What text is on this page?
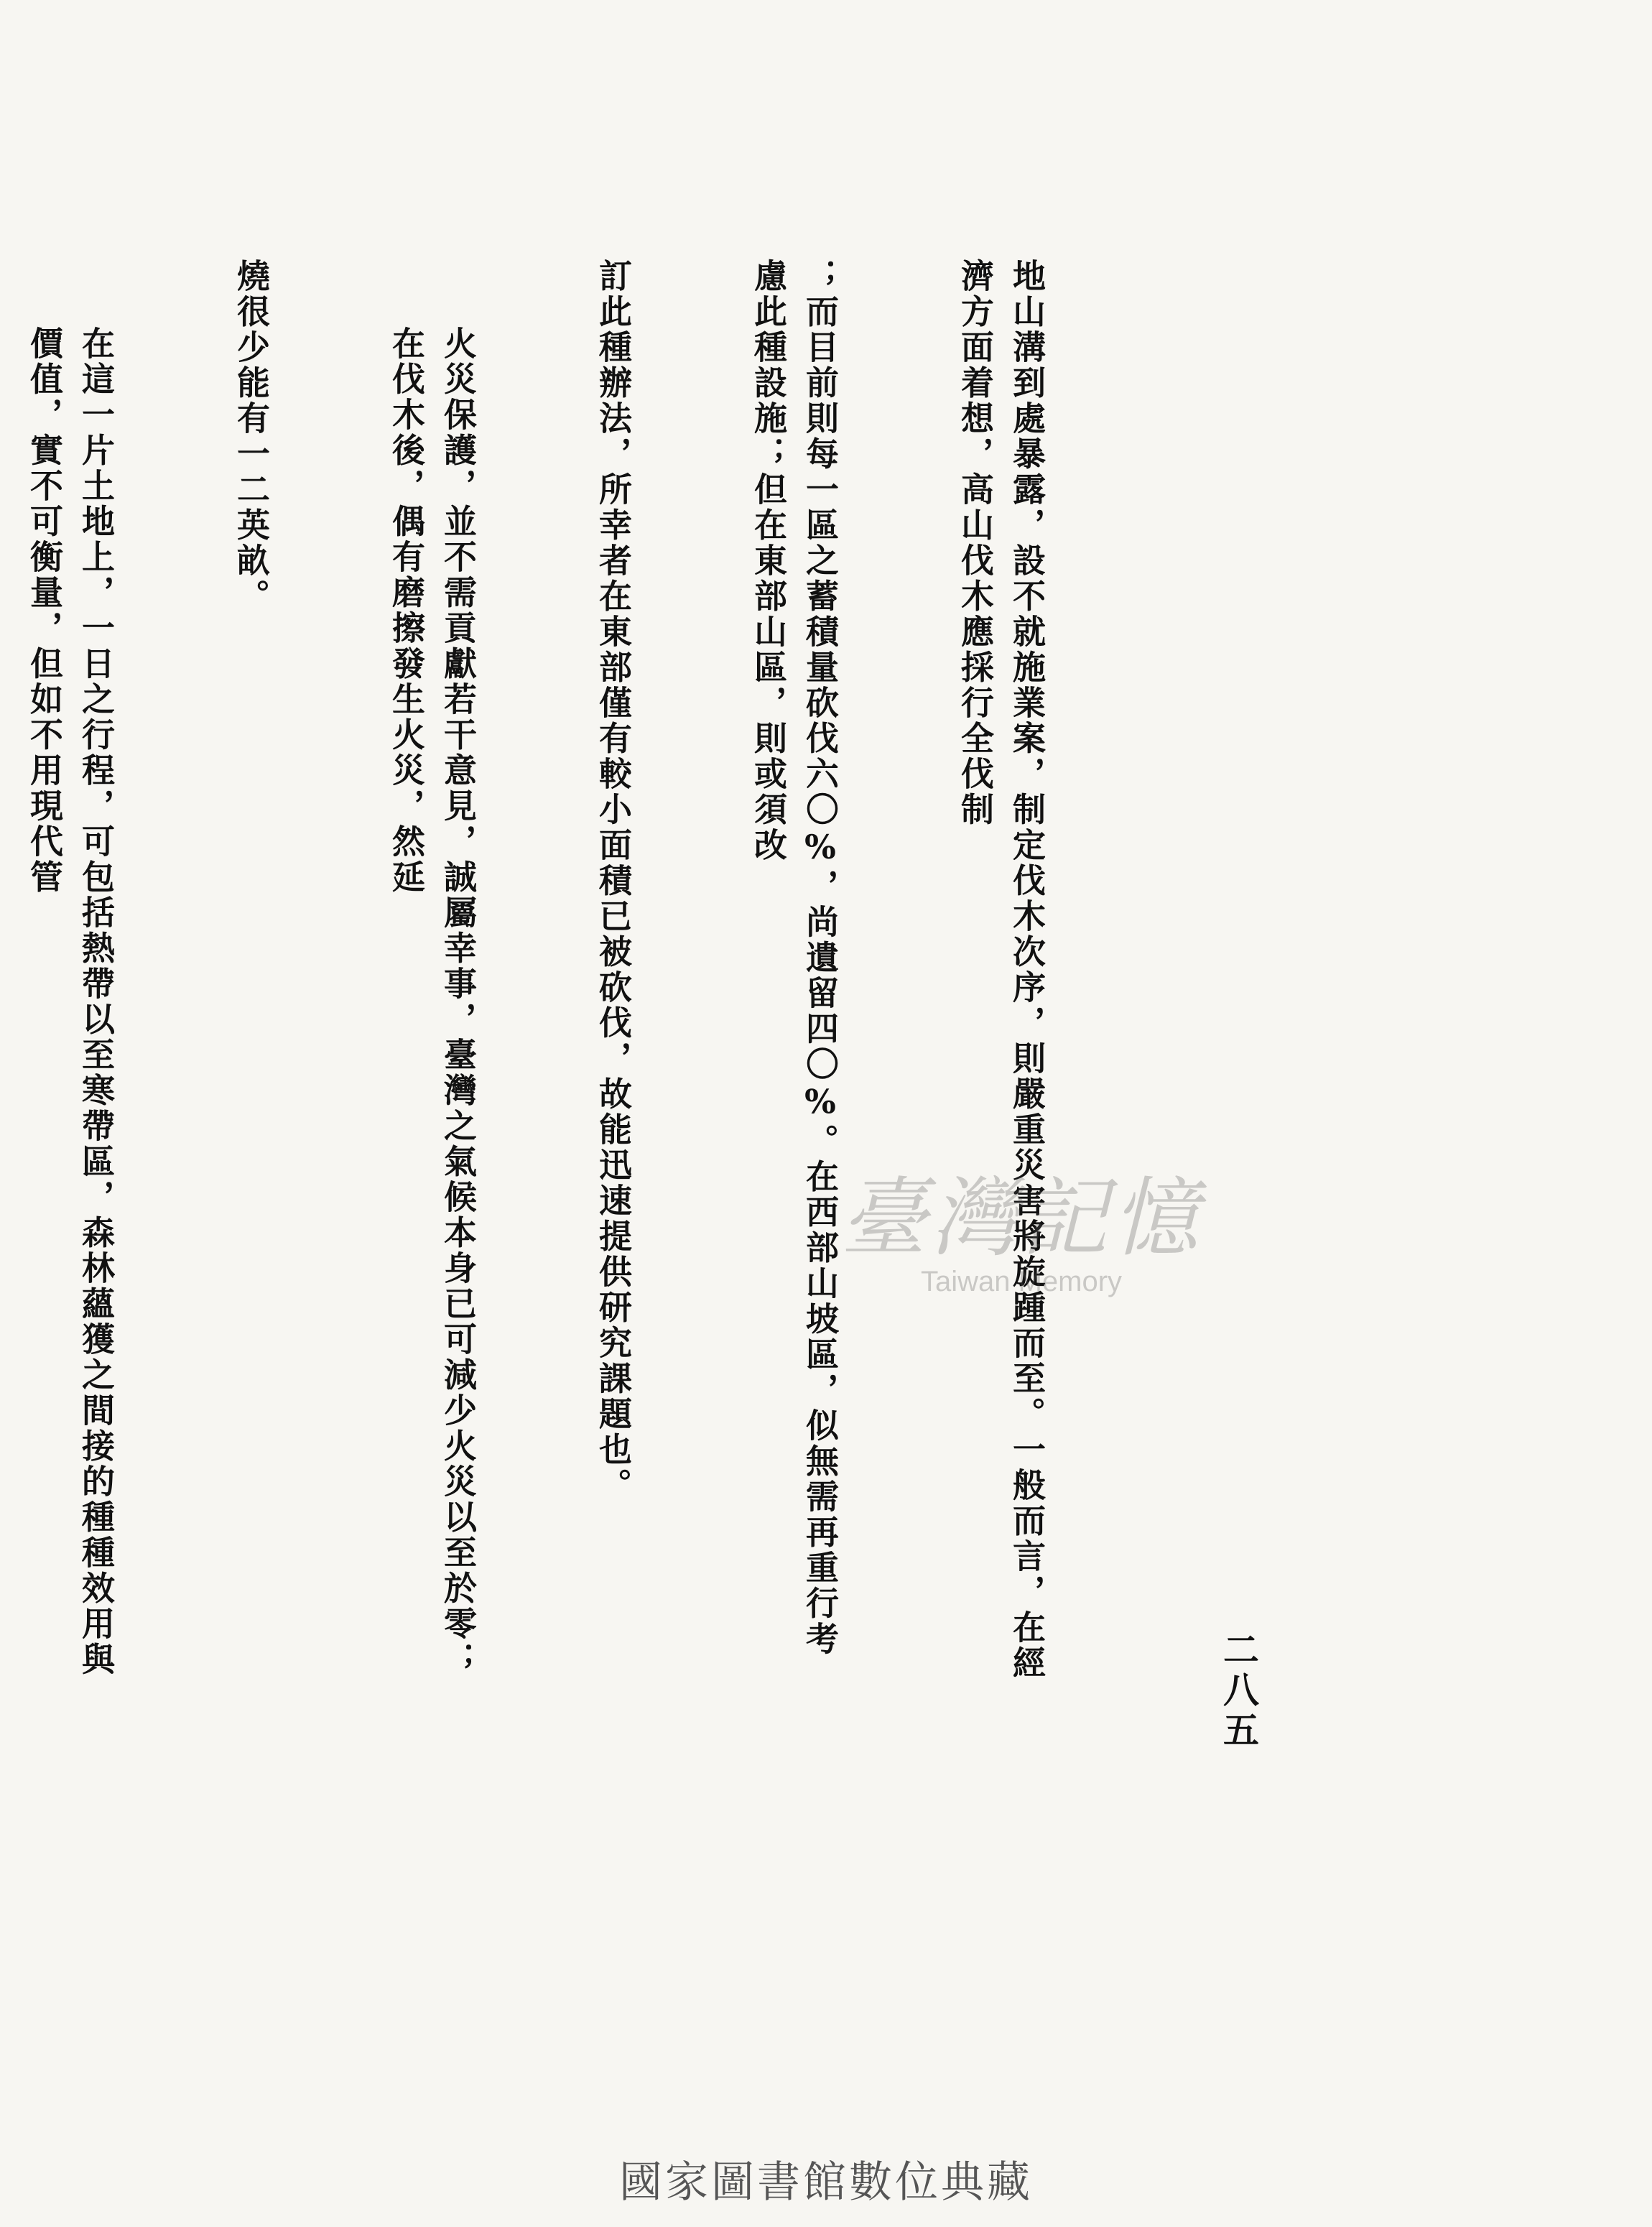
地山溝到處暴露，設不就施業案，制定伐木次序，則嚴重災害將旋踵而至。一般而言，在經濟方面着想，高山伐木應採行全伐制

；而目前則每一區之蓄積量砍伐六〇%，尚遺留四〇%。在西部山坡區，似無需再重行考慮此種設施；但在東部山區，則或須改

訂此種辦法，所幸者在東部僅有較小面積已被砍伐，故能迅速提供研究課題也。

火災保護，並不需貢獻若干意見，誠屬幸事，臺灣之氣候本身已可減少火災以至於零；在伐木後，偶有磨擦發生火災，然延

燒很少能有一二英畝。

在這一片土地上，一日之行程，可包括熱帶以至寒帶區，森林蘊獲之間接的種種效用與價值，實不可衡量，但如不用現代管

二八五
臺灣記憶
Taiwan Memory
國家圖書館數位典藏
